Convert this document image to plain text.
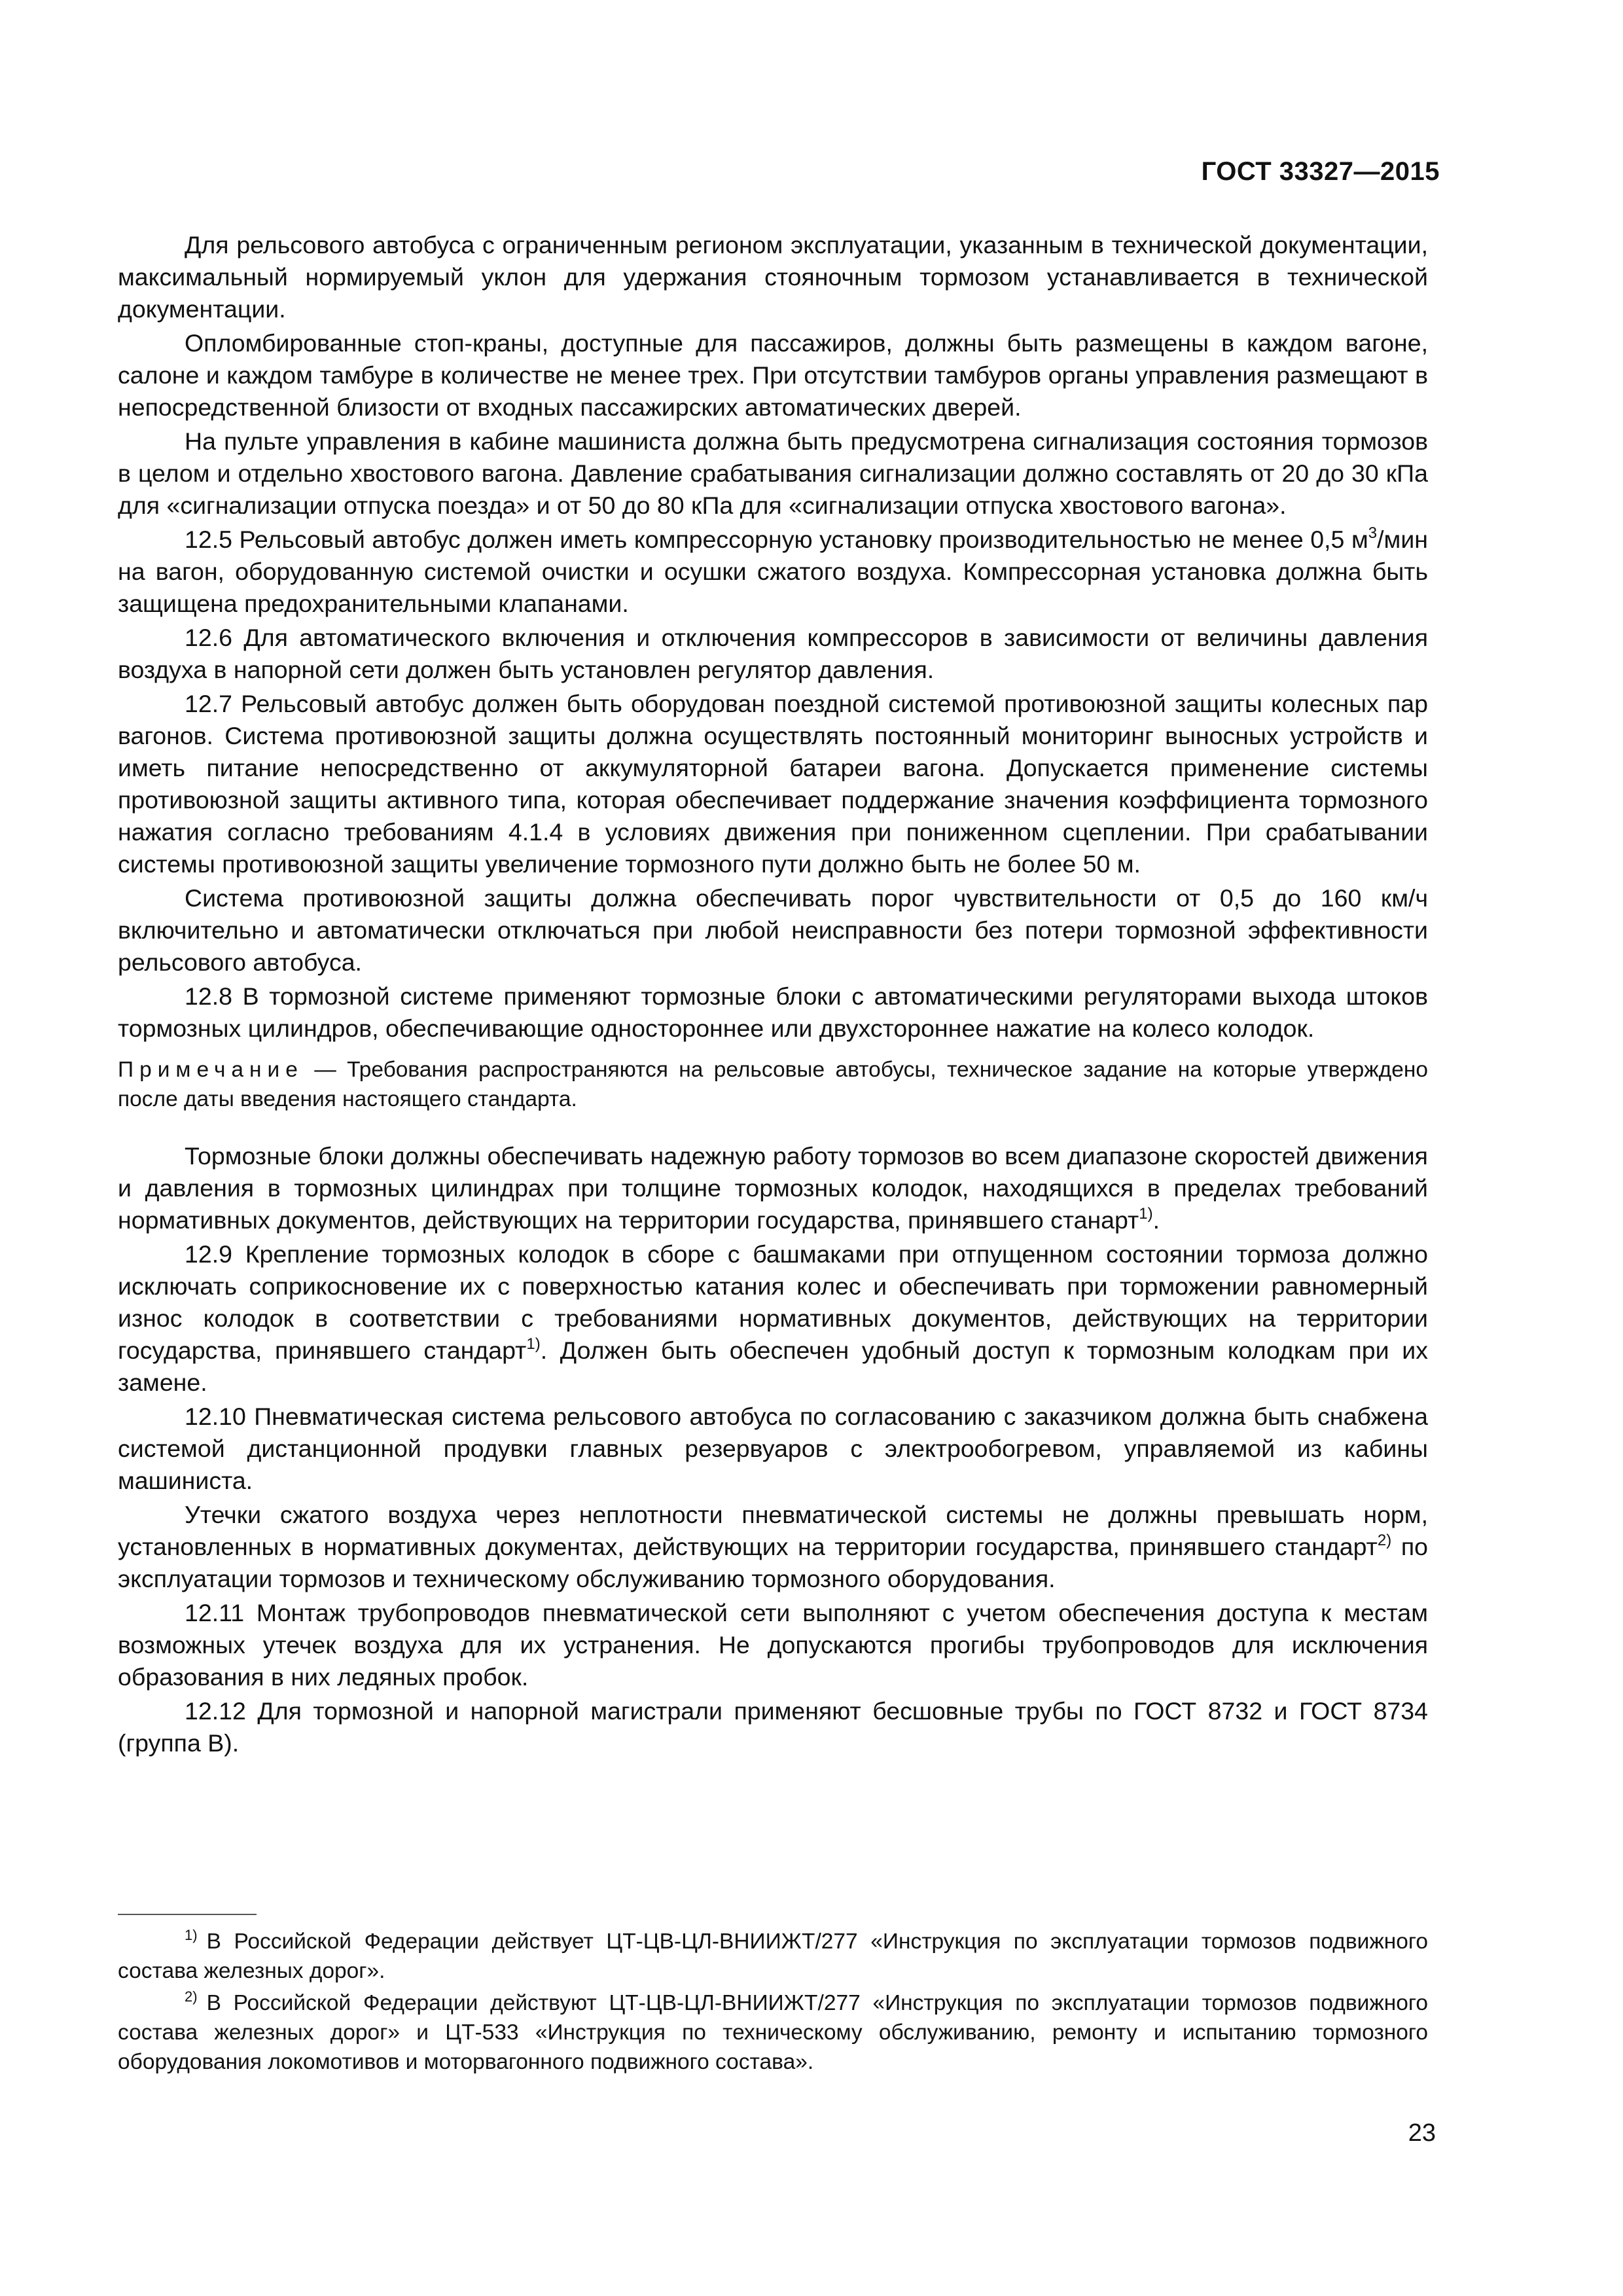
ГОСТ 33327—2015

Для рельсового автобуса с ограниченным регионом эксплуатации, указанным в технической документации, максимальный нормируемый уклон для удержания стояночным тормозом устанавливается в технической документации.

Опломбированные стоп-краны, доступные для пассажиров, должны быть размещены в каждом вагоне, салоне и каждом тамбуре в количестве не менее трех. При отсутствии тамбуров органы управления размещают в непосредственной близости от входных пассажирских автоматических дверей.

На пульте управления в кабине машиниста должна быть предусмотрена сигнализация состояния тормозов в целом и отдельно хвостового вагона. Давление срабатывания сигнализации должно составлять от 20 до 30 кПа для «сигнализации отпуска поезда» и от 50 до 80 кПа для «сигнализации отпуска хвостового вагона».

12.5 Рельсовый автобус должен иметь компрессорную установку производительностью не менее 0,5 $м^3$/мин на вагон, оборудованную системой очистки и осушки сжатого воздуха. Компрессорная установка должна быть защищена предохранительными клапанами.

12.6 Для автоматического включения и отключения компрессоров в зависимости от величины давления воздуха в напорной сети должен быть установлен регулятор давления.

12.7 Рельсовый автобус должен быть оборудован поездной системой противоюзной защиты колесных пар вагонов. Система противоюзной защиты должна осуществлять постоянный мониторинг выносных устройств и иметь питание непосредственно от аккумуляторной батареи вагона. Допускается применение системы противоюзной защиты активного типа, которая обеспечивает поддержание значения коэффициента тормозного нажатия согласно требованиям 4.1.4 в условиях движения при пониженном сцеплении. При срабатывании системы противоюзной защиты увеличение тормозного пути должно быть не более 50 м.

Система противоюзной защиты должна обеспечивать порог чувствительности от 0,5 до 160 км/ч включительно и автоматически отключаться при любой неисправности без потери тормозной эффективности рельсового автобуса.

12.8 В тормозной системе применяют тормозные блоки с автоматическими регуляторами выхода штоков тормозных цилиндров, обеспечивающие одностороннее или двухстороннее нажатие на колесо колодок.

Примечание — Требования распространяются на рельсовые автобусы, техническое задание на которые утверждено после даты введения настоящего стандарта.

Тормозные блоки должны обеспечивать надежную работу тормозов во всем диапазоне скоростей движения и давления в тормозных цилиндрах при толщине тормозных колодок, находящихся в пределах требований нормативных документов, действующих на территории государства, принявшего станарт$^{1)}$.

12.9 Крепление тормозных колодок в сборе с башмаками при отпущенном состоянии тормоза должно исключать соприкосновение их с поверхностью катания колес и обеспечивать при торможении равномерный износ колодок в соответствии с требованиями нормативных документов, действующих на территории государства, принявшего стандарт$^{1)}$. Должен быть обеспечен удобный доступ к тормозным колодкам при их замене.

12.10 Пневматическая система рельсового автобуса по согласованию с заказчиком должна быть снабжена системой дистанционной продувки главных резервуаров с электрообогревом, управляемой из кабины машиниста.

Утечки сжатого воздуха через неплотности пневматической системы не должны превышать норм, установленных в нормативных документах, действующих на территории государства, принявшего стандарт$^{2)}$ по эксплуатации тормозов и техническому обслуживанию тормозного оборудования.

12.11 Монтаж трубопроводов пневматической сети выполняют с учетом обеспечения доступа к местам возможных утечек воздуха для их устранения. Не допускаются прогибы трубопроводов для исключения образования в них ледяных пробок.

12.12 Для тормозной и напорной магистрали применяют бесшовные трубы по ГОСТ 8732 и ГОСТ 8734 (группа В).

$^{1)}$ В Российской Федерации действует ЦТ-ЦВ-ЦЛ-ВНИИЖТ/277 «Инструкция по эксплуатации тормозов подвижного состава железных дорог».

$^{2)}$ В Российской Федерации действуют ЦТ-ЦВ-ЦЛ-ВНИИЖТ/277 «Инструкция по эксплуатации тормозов подвижного состава железных дорог» и ЦТ-533 «Инструкция по техническому обслуживанию, ремонту и испытанию тормозного оборудования локомотивов и моторвагонного подвижного состава».

23
